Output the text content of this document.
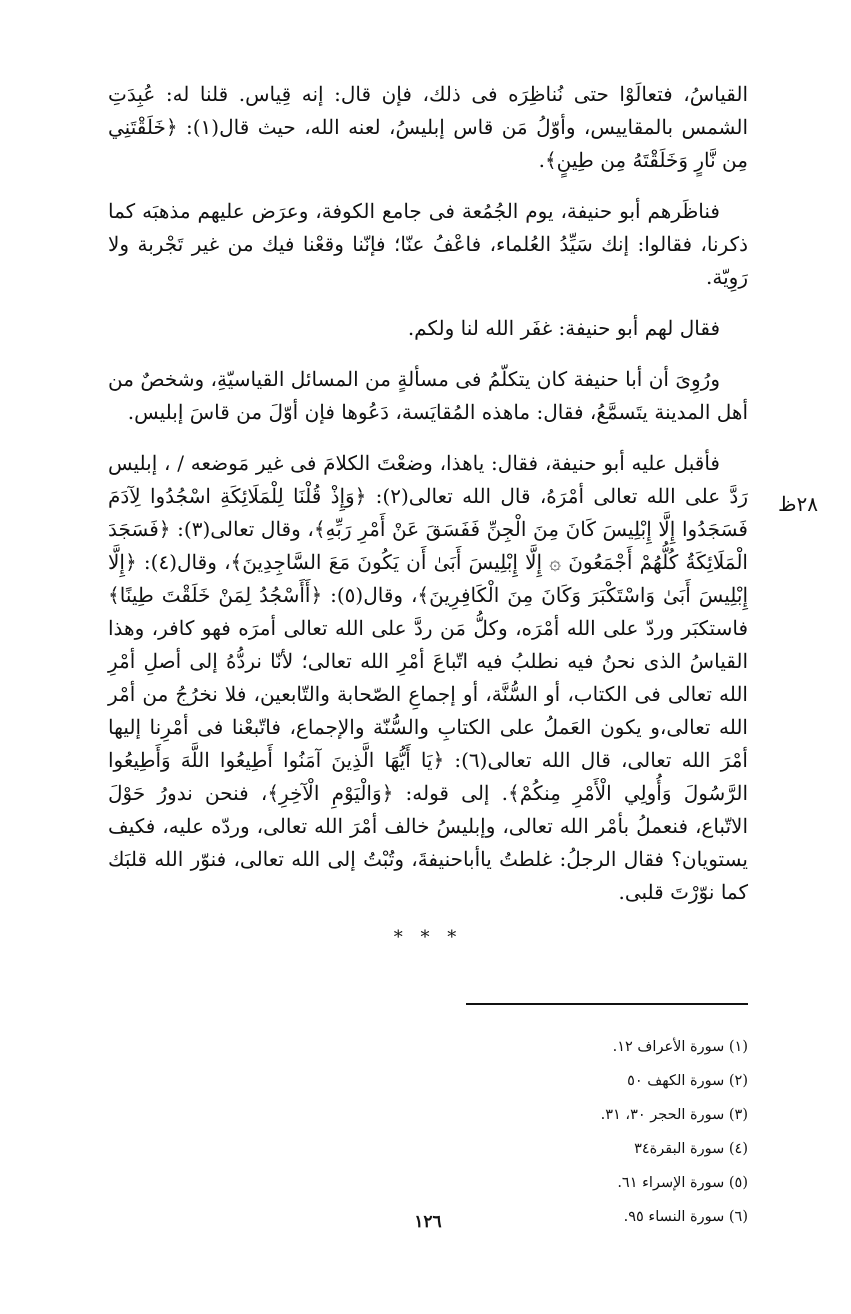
٢٨ظ

القياسُ، فتعالَوْا حتى نُناظِرَه فى ذلك، فإن قال: إنه قِياس. قلنا له: عُبِدَتِ الشمس بالمقاييس، وأوّلُ مَن قاس إبليسُ، لعنه الله، حيث قال(١): ﴿خَلَقْتَنِي مِن نَّارٍ وَخَلَقْتَهُ مِن طِينٍ﴾.

فناظَرهم أبو حنيفة، يوم الجُمُعة فى جامع الكوفة، وعرَض عليهم مذهبَه كما ذكرنا، فقالوا: إنك سَيِّدُ العُلماء، فاعْفُ عنّا؛ فإنّنا وقعْنا فيك من غير تَجْربة ولا رَوِيّة.

فقال لهم أبو حنيفة: غفَر الله لنا ولكم.

ورُوِىَ أن أبا حنيفة كان يتكلّمُ فى مسألةٍ من المسائل القياسيّةِ، وشخصٌ من أهل المدينة يتَسمَّعُ، فقال: ماهذه المُقايَسة، دَعُوها فإن أوّلَ من قاسَ إبليس.

فأقبل عليه أبو حنيفة، فقال: ياهذا، وضعْتَ الكلامَ فى غير مَوضعه / ، إبليس رَدَّ على الله تعالى أمْرَهُ، قال الله تعالى(٢): ﴿وَإِذْ قُلْنَا لِلْمَلَائِكَةِ اسْجُدُوا لِآدَمَ فَسَجَدُوا إِلَّا إِبْلِيسَ كَانَ مِنَ الْجِنِّ فَفَسَقَ عَنْ أَمْرِ رَبِّهِ﴾، وقال تعالى(٣): ﴿فَسَجَدَ الْمَلَائِكَةُ كُلُّهُمْ أَجْمَعُونَ ۞ إِلَّا إِبْلِيسَ أَبَىٰ أَن يَكُونَ مَعَ السَّاجِدِينَ﴾، وقال(٤): ﴿إِلَّا إِبْلِيسَ أَبَىٰ وَاسْتَكْبَرَ وَكَانَ مِنَ الْكَافِرِينَ﴾، وقال(٥): ﴿أَأَسْجُدُ لِمَنْ خَلَقْتَ طِينًا﴾ فاستكبَر وردّ على الله أمْرَه، وكلُّ مَن ردَّ على الله تعالى أمرَه فهو كافر، وهذا القياسُ الذى نحنُ فيه نطلبُ فيه اتّباعَ أمْرِ الله تعالى؛ لأنّا نردُّهُ إلى أصلِ أمْرِ الله تعالى فى الكتاب، أو السُّنَّة، أو إجماعِ الصّحابة والتّابعين، فلا نخرُجُ من أمْر الله تعالى،و يكون العَملُ على الكتابِ والسُّنّة والإجماع، فاتّبعْنا فى أمْرِنا إليها أمْرَ الله تعالى، قال الله تعالى(٦): ﴿يَا أَيُّهَا الَّذِينَ آمَنُوا أَطِيعُوا اللَّهَ وَأَطِيعُوا الرَّسُولَ وَأُولِي الْأَمْرِ مِنكُمْ﴾. إلى قوله: ﴿وَالْيَوْمِ الْآخِرِ﴾، فنحن ندورُ حَوْلَ الاتّباع، فنعملُ بأمْر الله تعالى، وإبليسُ خالف أمْرَ الله تعالى، وردّه عليه، فكيف يستويان؟ فقال الرجلُ: غلطتُ ياأباحنيفةَ، وتُبْتُ إلى الله تعالى، فنوّر الله قلبَك كما نوّرْتَ قلبى.

* * *
(١) سورة الأعراف ١٢.
(٢) سورة الكهف ٥٠
(٣) سورة الحجر ٣٠، ٣١.
(٤) سورة البقرة٣٤
(٥) سورة الإسراء ٦١.
(٦) سورة النساء ٩٥.
١٢٦
